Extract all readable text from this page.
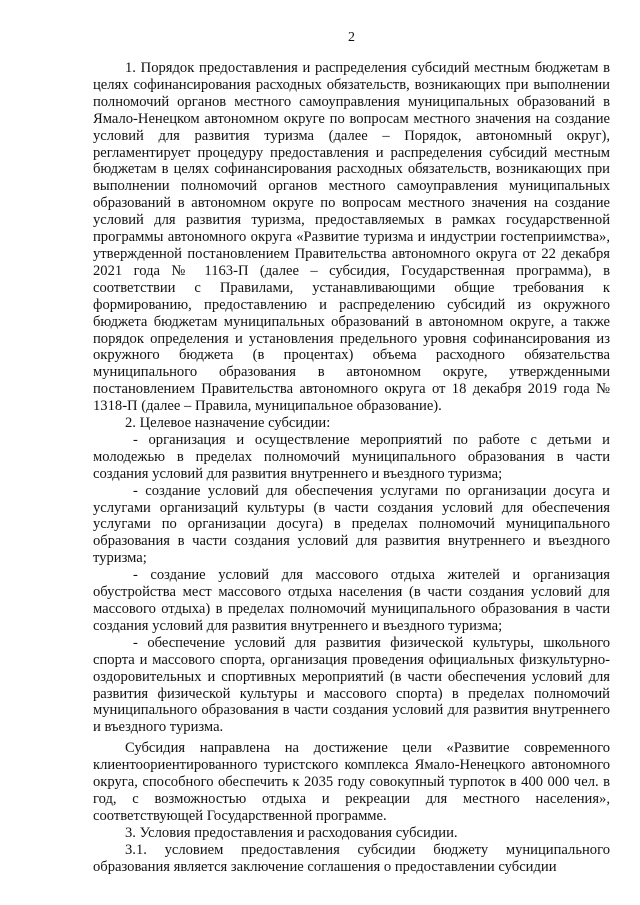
2

1. Порядок предоставления и распределения субсидий местным бюджетам в целях софинансирования расходных обязательств, возникающих при выполнении полномочий органов местного самоуправления муниципальных образований в Ямало-Ненецком автономном округе по вопросам местного значения на создание условий для развития туризма (далее – Порядок, автономный округ), регламентирует процедуру предоставления и распределения субсидий местным бюджетам в целях софинансирования расходных обязательств, возникающих при выполнении полномочий органов местного самоуправления муниципальных образований в автономном округе по вопросам местного значения на создание условий для развития туризма, предоставляемых в рамках государственной программы автономного округа «Развитие туризма и индустрии гостеприимства», утвержденной постановлением Правительства автономного округа от 22 декабря 2021 года № 1163-П (далее – субсидия, Государственная программа), в соответствии с Правилами, устанавливающими общие требования к формированию, предоставлению и распределению субсидий из окружного бюджета бюджетам муниципальных образований в автономном округе, а также порядок определения и установления предельного уровня софинансирования из окружного бюджета (в процентах) объема расходного обязательства муниципального образования в автономном округе, утвержденными постановлением Правительства автономного округа от 18 декабря 2019 года № 1318-П (далее – Правила, муниципальное образование).

2. Целевое назначение субсидии:

- организация и осуществление мероприятий по работе с детьми и молодежью в пределах полномочий муниципального образования в части создания условий для развития внутреннего и въездного туризма;

- создание условий для обеспечения услугами по организации досуга и услугами организаций культуры (в части создания условий для обеспечения услугами по организации досуга) в пределах полномочий муниципального образования в части создания условий для развития внутреннего и въездного туризма;

- создание условий для массового отдыха жителей и организация обустройства мест массового отдыха населения (в части создания условий для массового отдыха) в пределах полномочий муниципального образования в части создания условий для развития внутреннего и въездного туризма;

- обеспечение условий для развития физической культуры, школьного спорта и массового спорта, организация проведения официальных физкультурно-оздоровительных и спортивных мероприятий (в части обеспечения условий для развития физической культуры и массового спорта) в пределах полномочий муниципального образования в части создания условий для развития внутреннего и въездного туризма.

Субсидия направлена на достижение цели «Развитие современного клиентоориентированного туристского комплекса Ямало-Ненецкого автономного округа, способного обеспечить к 2035 году совокупный турпоток в 400 000 чел. в год, с возможностью отдыха и рекреации для местного населения», соответствующей Государственной программе.

3. Условия предоставления и расходования субсидии.

3.1. условием предоставления субсидии бюджету муниципального образования является заключение соглашения о предоставлении субсидии
